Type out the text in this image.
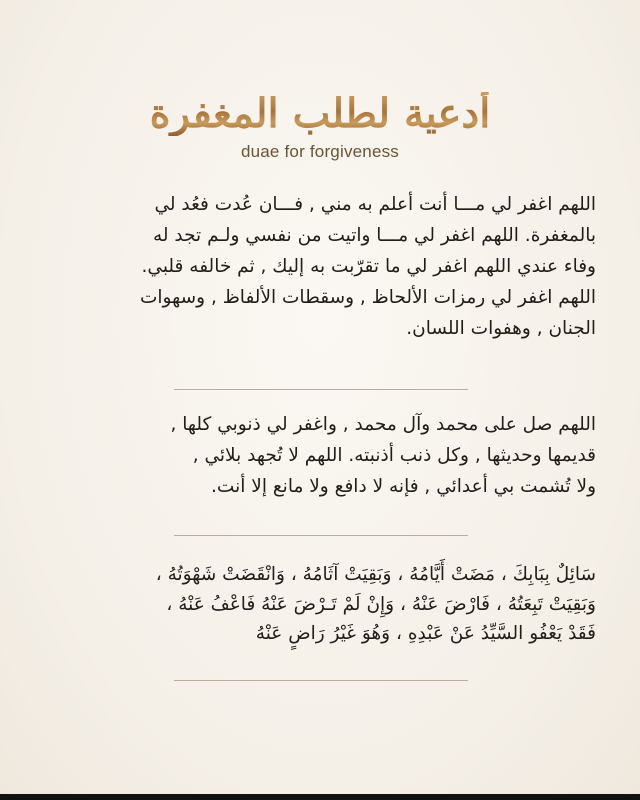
أدعية لطلب المغفرة
duae for forgiveness
اللهم اغفر لي مـــا أنت أعلم به مني , فـــان عُدت فعُد لي
بالمغفرة. اللهم اغفر لي مـــا واتيت من نفسي ولـم تجد له
وفاء عندي اللهم اغفر لي ما تقرّبت به إليك , ثم خالفه قلبي.
اللهم اغفر لي رمزات الألحاظ , وسقطات الألفاظ , وسهوات
الجنان , وهفوات اللسان.
اللهم صل على محمد وآل محمد , واغفر لي ذنوبي كلها ,
قديمها وحديثها , وكل ذنب أذنبته. اللهم لا تُجهد بلائي ,
ولا تُشمت بي أعدائي , فإنه لا دافع ولا مانع إلا أنت.
سَائِلٌ بِبَابِكَ ، مَضَتْ أَيَّامُهُ ، وَبَقِيَتْ آثَامُهُ ، وَانْقَضَتْ شَهْوَتُهُ ،
وَبَقِيَتْ تَبِعَتُهُ ، فَارْضَ عَنْهُ ، وَإِنْ لَمْ تَـرْضَ عَنْهُ فَاعْفُ عَنْهُ ،
فَقَدْ يَعْفُو السَّيِّدُ عَنْ عَبْدِهِ ، وَهُوَ غَيْرُ رَاضٍ عَنْهُ
